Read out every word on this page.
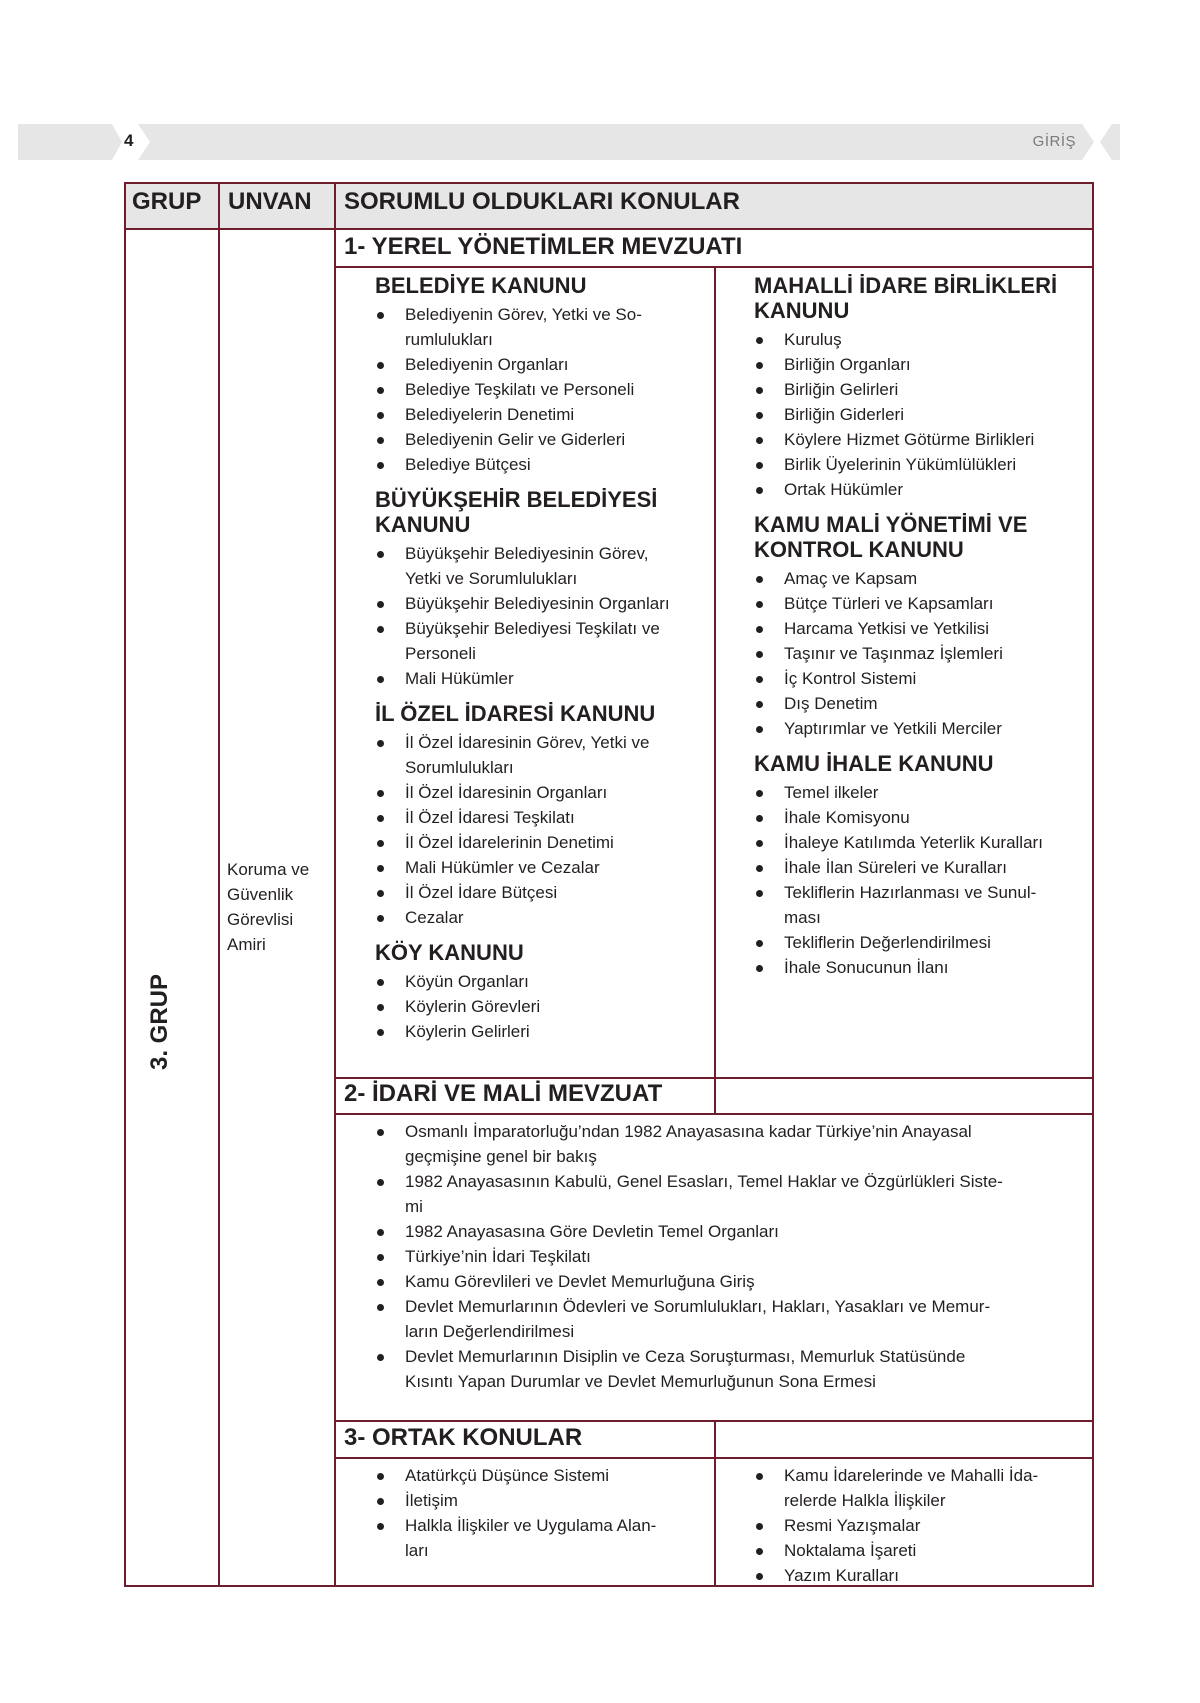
4	GİRİŞ
GRUP UNVAN SORUMLU OLDUKLARI KONULAR
3. GRUP
Koruma ve
Güvenlik
Görevlisi
Amiri
1- YEREL YÖNETİMLER MEVZUATI
2- İDARİ VE MALİ MEVZUAT
3- ORTAK KONULAR
BELEDİYE KANUNU
Belediyenin Görev, Yetki ve So-
rumlulukları
Belediyenin Organları
Belediye Teşkilatı ve Personeli
Belediyelerin Denetimi
Belediyenin Gelir ve Giderleri
Belediye Bütçesi
BÜYÜKŞEHİR BELEDİYESİ
KANUNU
Büyükşehir Belediyesinin Görev,
Yetki ve Sorumlulukları
Büyükşehir Belediyesinin Organları
Büyükşehir Belediyesi Teşkilatı ve
Personeli
Mali Hükümler
İL ÖZEL İDARESİ KANUNU
İl Özel İdaresinin Görev, Yetki ve
Sorumlulukları
İl Özel İdaresinin Organları
İl Özel İdaresi Teşkilatı
İl Özel İdarelerinin Denetimi
Mali Hükümler ve Cezalar
İl Özel İdare Bütçesi
Cezalar
KÖY KANUNU
Köyün Organları
Köylerin Görevleri
Köylerin Gelirleri
MAHALLİ İDARE BİRLİKLERİ
KANUNU
Kuruluş
Birliğin Organları
Birliğin Gelirleri
Birliğin Giderleri
Köylere Hizmet Götürme Birlikleri
Birlik Üyelerinin Yükümlülükleri
Ortak Hükümler
KAMU MALİ YÖNETİMİ VE
KONTROL KANUNU
Amaç ve Kapsam
Bütçe Türleri ve Kapsamları
Harcama Yetkisi ve Yetkilisi
Taşınır ve Taşınmaz İşlemleri
İç Kontrol Sistemi
Dış Denetim
Yaptırımlar ve Yetkili Merciler
KAMU İHALE KANUNU
Temel ilkeler
İhale Komisyonu
İhaleye Katılımda Yeterlik Kuralları
İhale İlan Süreleri ve Kuralları
Tekliflerin Hazırlanması ve Sunul-
ması
Tekliflerin Değerlendirilmesi
İhale Sonucunun İlanı
Osmanlı İmparatorluğu’ndan 1982 Anayasasına kadar Türkiye’nin Anayasal
geçmişine genel bir bakış
1982 Anayasasının Kabulü, Genel Esasları, Temel Haklar ve Özgürlükleri Siste-
mi
1982 Anayasasına Göre Devletin Temel Organları
Türkiye’nin İdari Teşkilatı
Kamu Görevlileri ve Devlet Memurluğuna Giriş
Devlet Memurlarının Ödevleri ve Sorumlulukları, Hakları, Yasakları ve Memur-
ların Değerlendirilmesi
Devlet Memurlarının Disiplin ve Ceza Soruşturması, Memurluk Statüsünde
Kısıntı Yapan Durumlar ve Devlet Memurluğunun Sona Ermesi
Atatürkçü Düşünce Sistemi
İletişim
Halkla İlişkiler ve Uygulama Alan-
ları
Kamu İdarelerinde ve Mahalli İda-
relerde Halkla İlişkiler
Resmi Yazışmalar
Noktalama İşareti
Yazım Kuralları
